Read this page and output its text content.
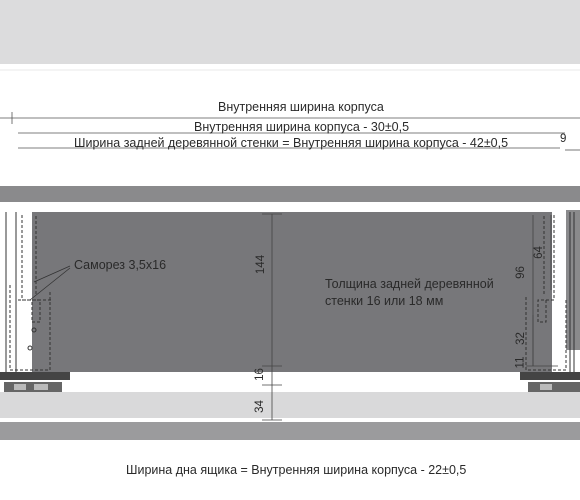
Внутренняя ширина корпуса
Внутренняя ширина корпуса - 30±0,5
Ширина задней деревянной стенки = Внутренняя ширина корпуса - 42±0,5	9
Саморез 3,5x16
Толщина задней деревянной
стенки 16 или 18 мм
144
16
34
96
64
32
11
Ширина дна ящика = Внутренняя ширина корпуса - 22±0,5
